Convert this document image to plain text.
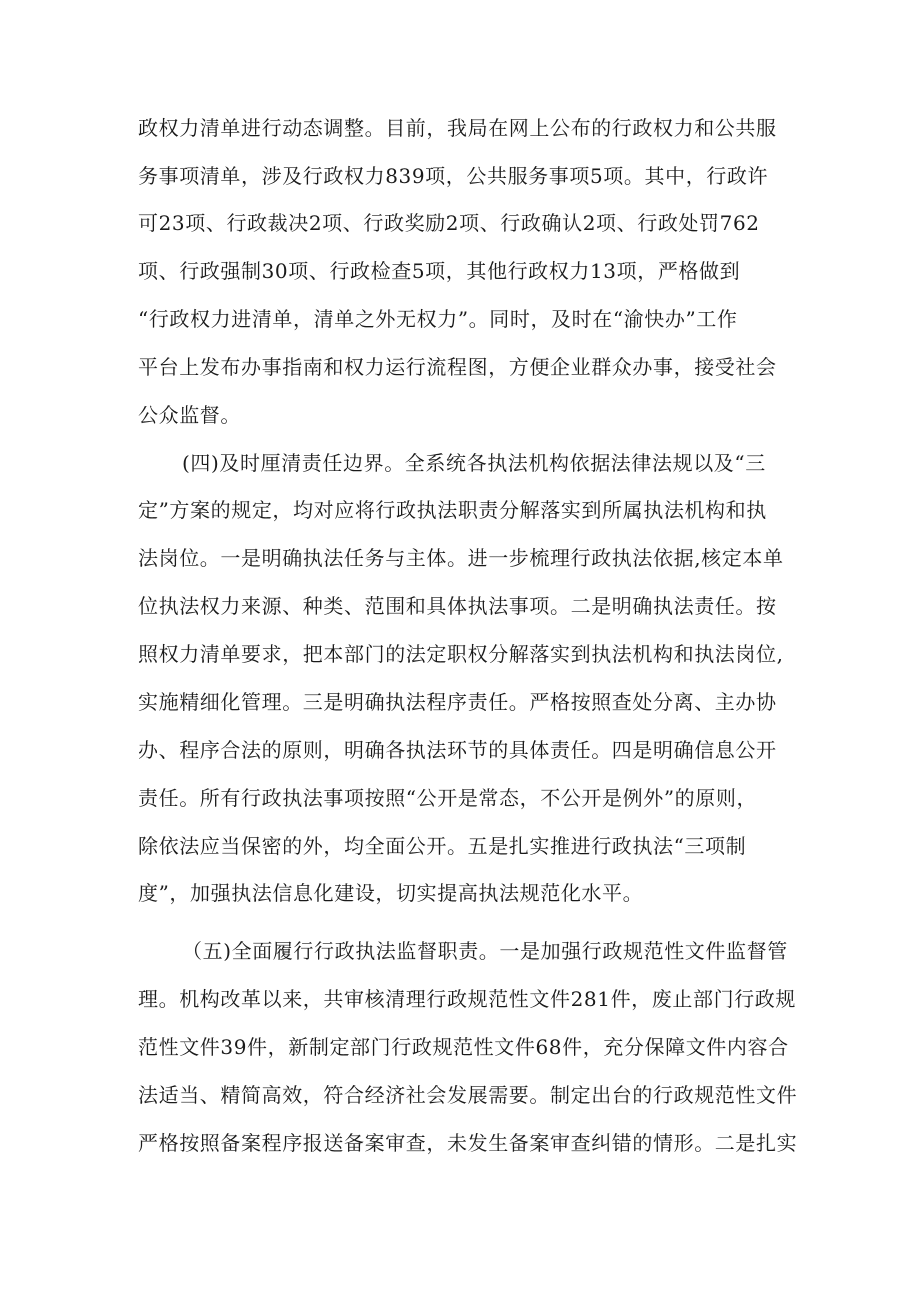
政权力清单进行动态调整。目前，我局在网上公布的行政权力和公共服
务事项清单，涉及行政权力839项，公共服务事项5项。其中，行政许
可23项、行政裁决2项、行政奖励2项、行政确认2项、行政处罚762
项、行政强制30项、行政检查5项，其他行政权力13项，严格做到
“行政权力进清单，清单之外无权力”。同时，及时在“渝快办”工作
平台上发布办事指南和权力运行流程图，方便企业群众办事，接受社会
公众监督。
(四)及时厘清责任边界。全系统各执法机构依据法律法规以及“三
定”方案的规定，均对应将行政执法职责分解落实到所属执法机构和执
法岗位。一是明确执法任务与主体。进一步梳理行政执法依据,核定本单
位执法权力来源、种类、范围和具体执法事项。二是明确执法责任。按
照权力清单要求，把本部门的法定职权分解落实到执法机构和执法岗位,
实施精细化管理。三是明确执法程序责任。严格按照查处分离、主办协
办、程序合法的原则，明确各执法环节的具体责任。四是明确信息公开
责任。所有行政执法事项按照“公开是常态，不公开是例外”的原则，
除依法应当保密的外，均全面公开。五是扎实推进行政执法“三项制
度”，加强执法信息化建设，切实提高执法规范化水平。
（五)全面履行行政执法监督职责。一是加强行政规范性文件监督管
理。机构改革以来，共审核清理行政规范性文件281件，废止部门行政规
范性文件39件，新制定部门行政规范性文件68件，充分保障文件内容合
法适当、精简高效，符合经济社会发展需要。制定出台的行政规范性文件
严格按照备案程序报送备案审查，未发生备案审查纠错的情形。二是扎实
